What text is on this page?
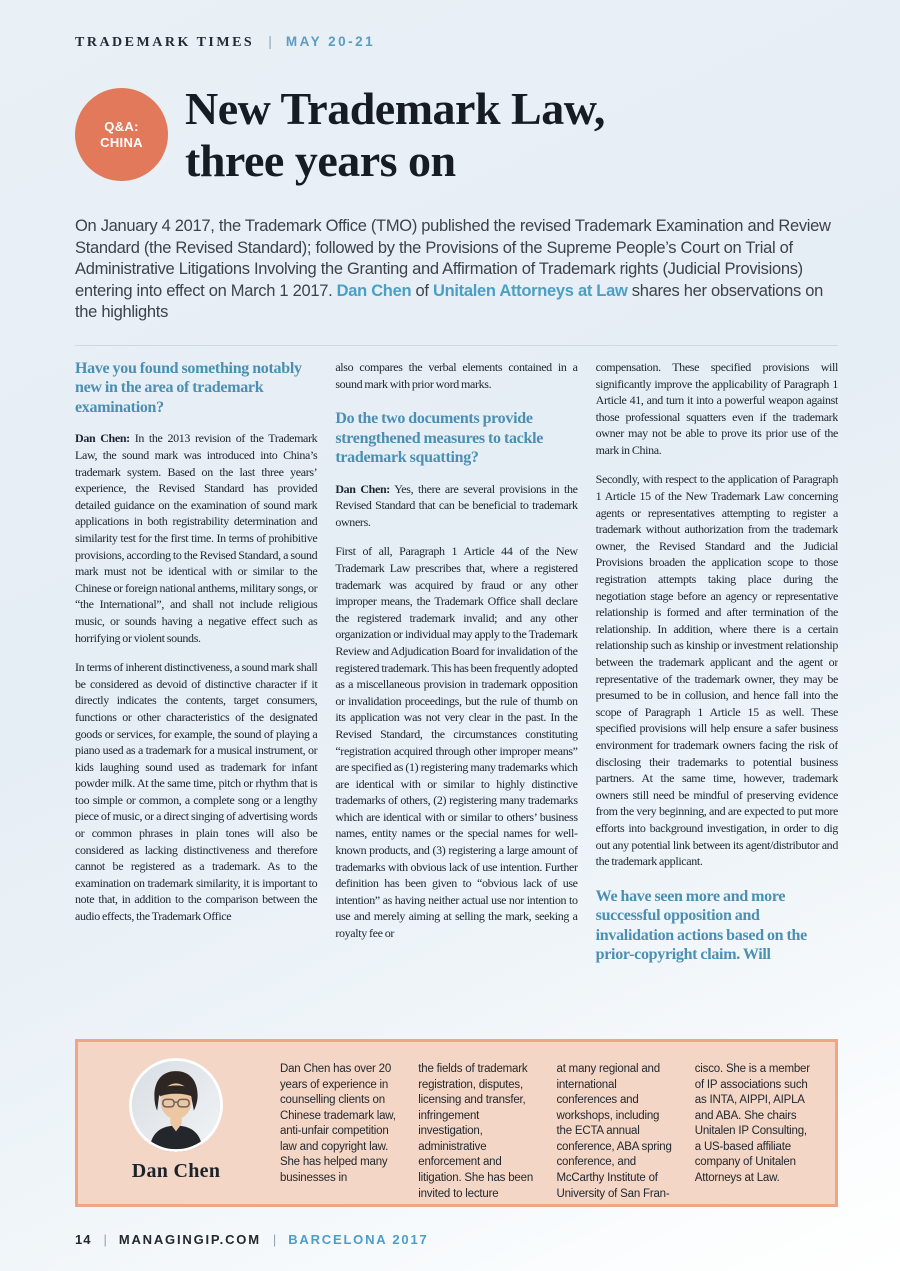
TRADEMARK TIMES | MAY 20-21
Q&A:
CHINA
New Trademark Law,
three years on

On January 4 2017, the Trademark Office (TMO) published the revised Trademark Examination and Review Standard (the Revised Standard); followed by the Provisions of the Supreme People’s Court on Trial of Administrative Litigations Involving the Granting and Affirmation of Trademark rights (Judicial Provisions) entering into effect on March 1 2017. Dan Chen of Unitalen Attorneys at Law shares her observations on the highlights

Have you found something notably new in the area of trademark examination?

Dan Chen: In the 2013 revision of the Trademark Law, the sound mark was introduced into China’s trademark system. Based on the last three years’ experience, the Revised Standard has provided detailed guidance on the examination of sound mark applications in both registrability determination and similarity test for the first time. In terms of prohibitive provisions, according to the Revised Standard, a sound mark must not be identical with or similar to the Chinese or foreign national anthems, military songs, or “the International”, and shall not include religious music, or sounds having a negative effect such as horrifying or violent sounds.

In terms of inherent distinctiveness, a sound mark shall be considered as devoid of distinctive character if it directly indicates the contents, target consumers, functions or other characteristics of the designated goods or services, for example, the sound of playing a piano used as a trademark for a musical instrument, or kids laughing sound used as trademark for infant powder milk. At the same time, pitch or rhythm that is too simple or common, a complete song or a lengthy piece of music, or a direct singing of advertising words or common phrases in plain tones will also be considered as lacking distinctiveness and therefore cannot be registered as a trademark. As to the examination on trademark similarity, it is important to note that, in addition to the comparison between the audio effects, the Trademark Office

also compares the verbal elements contained in a sound mark with prior word marks.

Do the two documents provide strengthened measures to tackle trademark squatting?

Dan Chen: Yes, there are several provisions in the Revised Standard that can be beneficial to trademark owners.

First of all, Paragraph 1 Article 44 of the New Trademark Law prescribes that, where a registered trademark was acquired by fraud or any other improper means, the Trademark Office shall declare the registered trademark invalid; and any other organization or individual may apply to the Trademark Review and Adjudication Board for invalidation of the registered trademark. This has been frequently adopted as a miscellaneous provision in trademark opposition or invalidation proceedings, but the rule of thumb on its application was not very clear in the past. In the Revised Standard, the circumstances constituting “registration acquired through other improper means” are specified as (1) registering many trademarks which are identical with or similar to highly distinctive trademarks of others, (2) registering many trademarks which are identical with or similar to others’ business names, entity names or the special names for well-known products, and (3) registering a large amount of trademarks with obvious lack of use intention. Further definition has been given to “obvious lack of use intention” as having neither actual use nor intention to use and merely aiming at selling the mark, seeking a royalty fee or

compensation. These specified provisions will significantly improve the applicability of Paragraph 1 Article 41, and turn it into a powerful weapon against those professional squatters even if the trademark owner may not be able to prove its prior use of the mark in China.

Secondly, with respect to the application of Paragraph 1 Article 15 of the New Trademark Law concerning agents or representatives attempting to register a trademark without authorization from the trademark owner, the Revised Standard and the Judicial Provisions broaden the application scope to those registration attempts taking place during the negotiation stage before an agency or representative relationship is formed and after termination of the relationship. In addition, where there is a certain relationship such as kinship or investment relationship between the trademark applicant and the agent or representative of the trademark owner, they may be presumed to be in collusion, and hence fall into the scope of Paragraph 1 Article 15 as well. These specified provisions will help ensure a safer business environment for trademark owners facing the risk of disclosing their trademarks to potential business partners. At the same time, however, trademark owners still need be mindful of preserving evidence from the very beginning, and are expected to put more efforts into background investigation, in order to dig out any potential link between its agent/distributor and the trademark applicant.

We have seen more and more successful opposition and invalidation actions based on the prior-copyright claim. Will
Dan Chen

Dan Chen has over 20 years of experience in counselling clients on Chinese trademark law, anti-unfair competition law and copyright law. She has helped many businesses in

the fields of trademark registration, disputes, licensing and transfer, infringement investigation, administrative enforcement and litigation. She has been invited to lecture

at many regional and international conferences and workshops, including the ECTA annual conference, ABA spring conference, and McCarthy Institute of University of San Fran-

cisco. She is a member of IP associations such as INTA, AIPPI, AIPLA and ABA. She chairs Unitalen IP Consulting, a US-based affiliate company of Unitalen Attorneys at Law.

14 | MANAGINGIP.COM | BARCELONA 2017
